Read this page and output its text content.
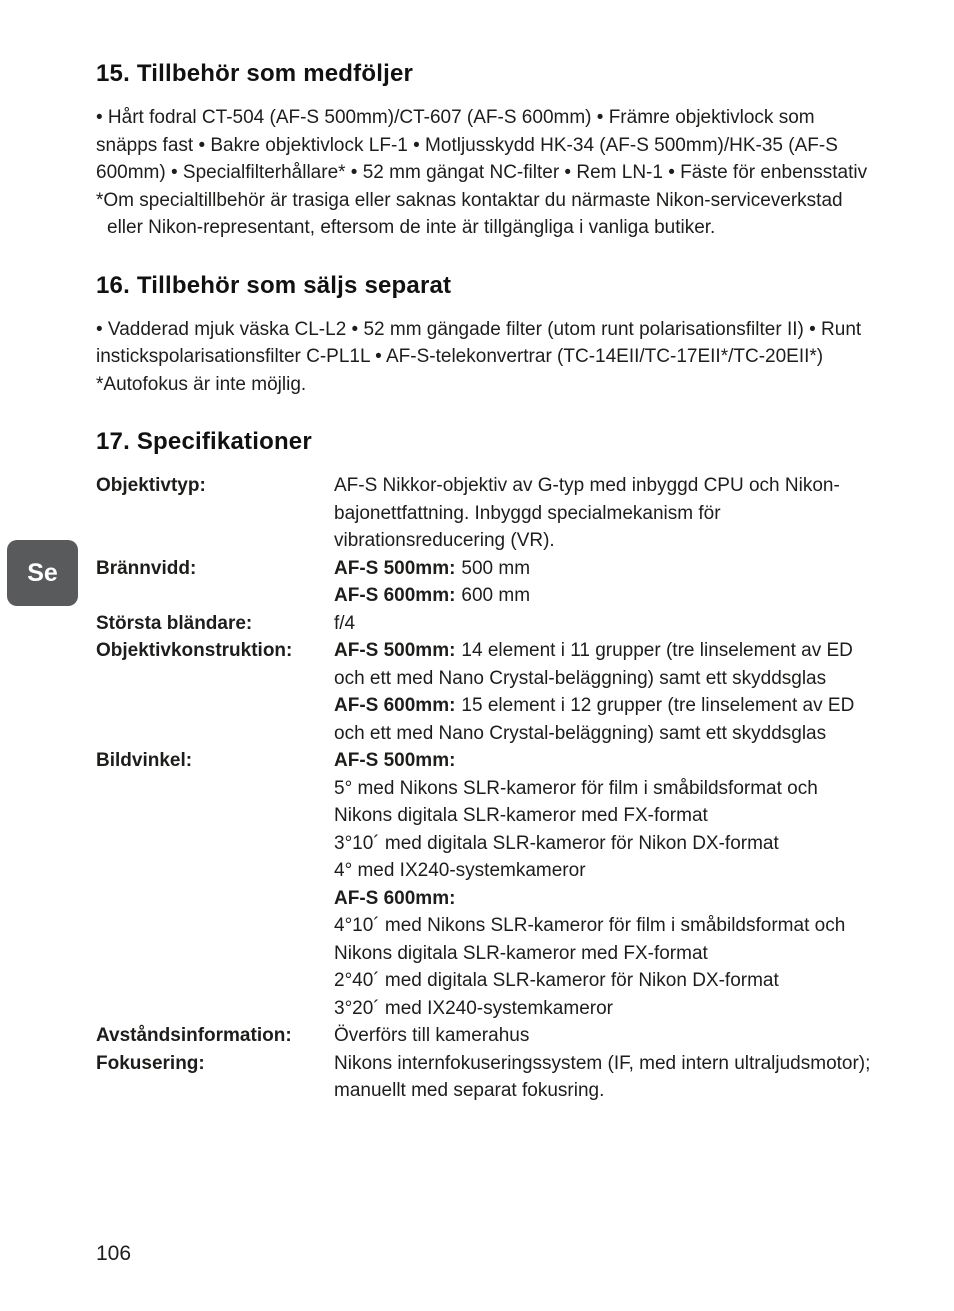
Se
15. Tillbehör som medföljer

• Hårt fodral CT-504 (AF-S 500mm)/CT-607 (AF-S 600mm) • Främre objektivlock som snäpps fast • Bakre objektivlock LF-1 • Motljusskydd HK-34 (AF-S 500mm)/HK-35 (AF-S 600mm) • Specialfilterhållare* • 52 mm gängat NC-filter • Rem LN-1 • Fäste för enbensstativ

*Om specialtillbehör är trasiga eller saknas kontaktar du närmaste Nikon-serviceverkstad eller Nikon-representant, eftersom de inte är tillgängliga i vanliga butiker.

16. Tillbehör som säljs separat

• Vadderad mjuk väska CL-L2 • 52 mm gängade filter (utom runt polarisationsfilter II) • Runt instickspolarisationsfilter C-PL1L • AF-S-telekonvertrar (TC-14EII/TC-17EII*/TC-20EII*)

*Autofokus är inte möjlig.

17. Specifikationer
Objektivtyp:	AF-S Nikkor-objektiv av G-typ med inbyggd CPU och Nikon-bajonettfattning. Inbyggd specialmekanism för vibrationsreducering (VR).
Brännvidd:	AF-S 500mm: 500 mm
AF-S 600mm: 600 mm
Största bländare:	f/4
Objektivkonstruktion:	AF-S 500mm: 14 element i 11 grupper (tre linselement av ED och ett med Nano Crystal-beläggning) samt ett skyddsglas
AF-S 600mm: 15 element i 12 grupper (tre linselement av ED och ett med Nano Crystal-beläggning) samt ett skyddsglas
Bildvinkel:	AF-S 500mm:
5° med Nikons SLR-kameror för film i småbildsformat och Nikons digitala SLR-kameror med FX-format
3°10´ med digitala SLR-kameror för Nikon DX-format
4° med IX240-systemkameror
AF-S 600mm:
4°10´ med Nikons SLR-kameror för film i småbildsformat och Nikons digitala SLR-kameror med FX-format
2°40´ med digitala SLR-kameror för Nikon DX-format
3°20´ med IX240-systemkameror
Avståndsinformation:	Överförs till kamerahus
Fokusering:	Nikons internfokuseringssystem (IF, med intern ultraljudsmotor); manuellt med separat fokusring.
106
